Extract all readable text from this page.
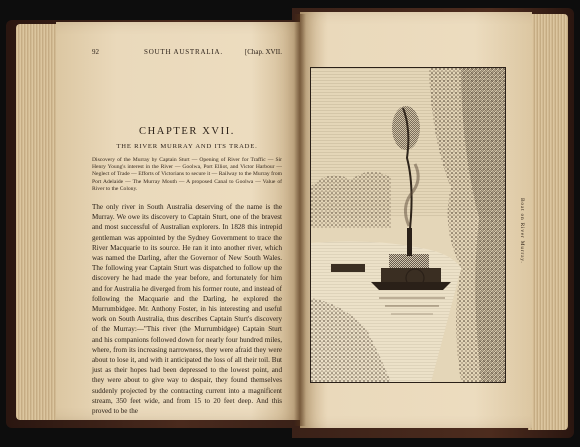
92	SOUTH AUSTRALIA.	[Chap. XVII.
CHAPTER XVII.
THE RIVER MURRAY AND ITS TRADE.
Discovery of the Murray by Captain Sturt — Opening of River for Traffic — Sir Henry Young's interest in the River — Goolwa, Port Elliot, and Victor Harbour — Neglect of Trade — Efforts of Victorians to secure it — Railway to the Murray from Port Adelaide — The Murray Mouth — A proposed Canal to Goolwa — Value of River to the Colony.

The only river in South Australia deserving of the name is the Murray. We owe its discovery to Captain Sturt, one of the bravest and most successful of Australian explorers. In 1828 this intrepid gentleman was appointed by the Sydney Government to trace the River Macquarie to its source. He ran it into another river, which was named the Darling, after the Governor of New South Wales. The following year Captain Sturt was dispatched to follow up the discovery he had made the year before, and fortunately for him and for Australia he diverged from his former route, and instead of following the Macquarie and the Darling, he explored the Murrumbidgee. Mr. Anthony Foster, in his interesting and useful work on South Australia, thus describes Captain Sturt's discovery of the Murray:—"This river (the Murrumbidgee) Captain Sturt and his companions followed down for nearly four hundred miles, where, from its increasing narrowness, they were afraid they were about to lose it, and with it anticipated the loss of all their toil. But just as their hopes had been depressed to the lowest point, and they were about to give way to despair, they found themselves suddenly projected by the contracting current into a magnificent stream, 350 feet wide, and from 15 to 20 feet deep. And this proved to be the

Boat on River Murray.
